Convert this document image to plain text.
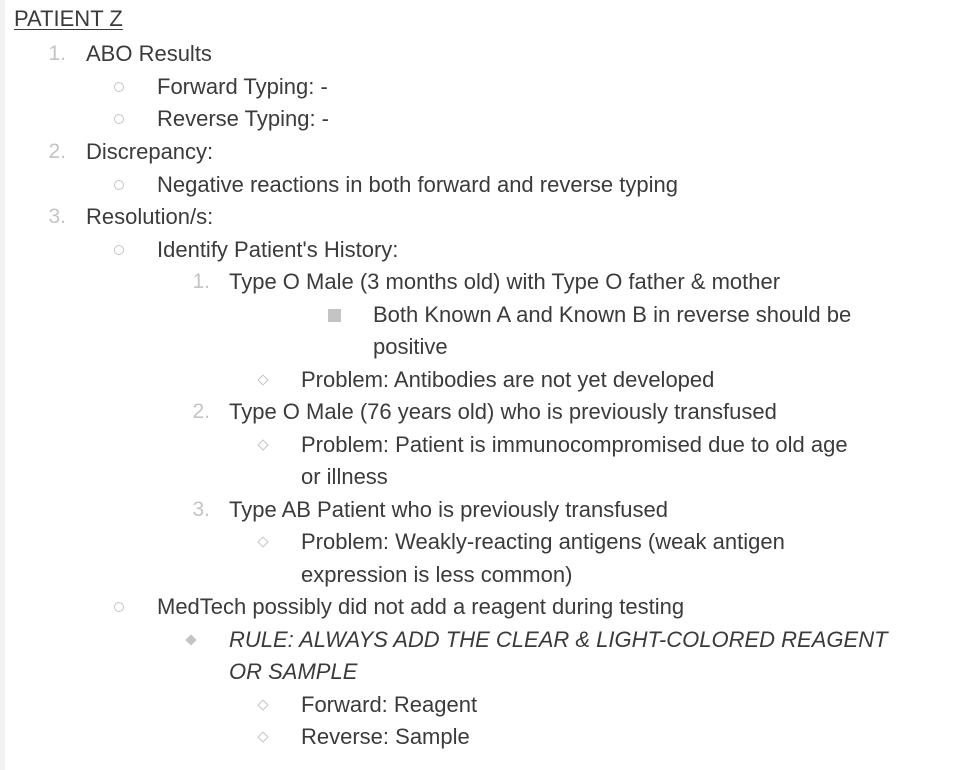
PATIENT Z
1. ABO Results
Forward Typing: -
Reverse Typing: -
2. Discrepancy:
Negative reactions in both forward and reverse typing
3. Resolution/s:
Identify Patient's History:
1. Type O Male (3 months old) with Type O father & mother
Both Known A and Known B in reverse should be
positive
Problem: Antibodies are not yet developed
2. Type O Male (76 years old) who is previously transfused
Problem: Patient is immunocompromised due to old age
or illness
3. Type AB Patient who is previously transfused
Problem: Weakly-reacting antigens (weak antigen
expression is less common)
MedTech possibly did not add a reagent during testing
RULE: ALWAYS ADD THE CLEAR & LIGHT-COLORED REAGENT
OR SAMPLE
Forward: Reagent
Reverse: Sample
